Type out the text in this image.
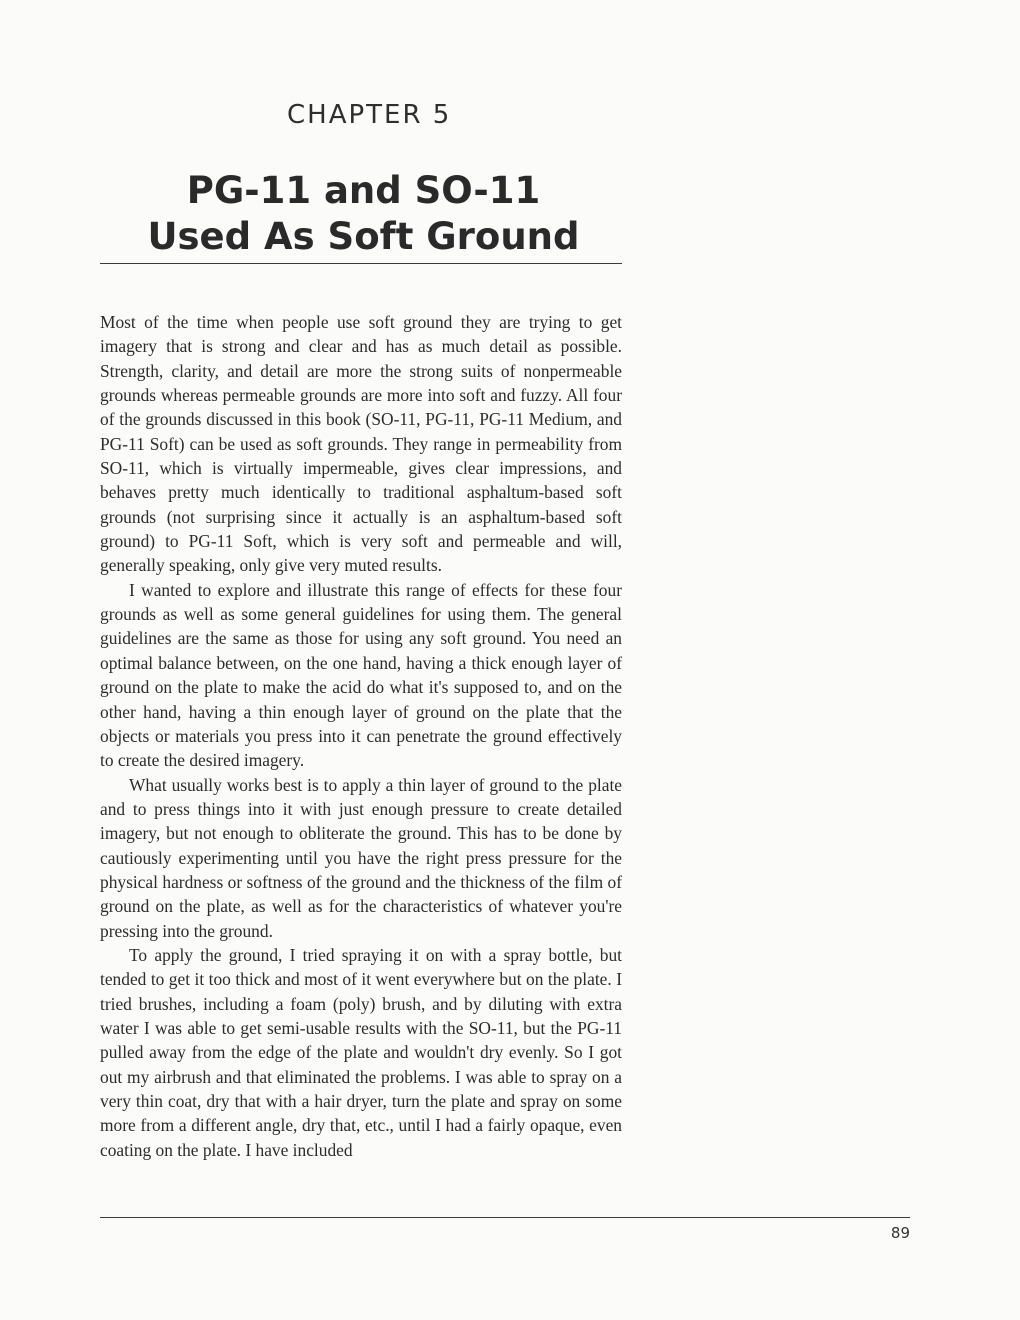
CHAPTER 5
PG-11 and SO-11
Used As Soft Ground

Most of the time when people use soft ground they are trying to get imagery that is strong and clear and has as much detail as possible. Strength, clarity, and detail are more the strong suits of nonpermeable grounds whereas permeable grounds are more into soft and fuzzy. All four of the grounds discussed in this book (SO-11, PG-11, PG-11 Medium, and PG-11 Soft) can be used as soft grounds. They range in permeability from SO-11, which is virtually impermeable, gives clear impressions, and behaves pretty much identically to traditional asphaltum-based soft grounds (not surprising since it actually is an asphaltum-based soft ground) to PG-11 Soft, which is very soft and permeable and will, generally speaking, only give very muted results.

I wanted to explore and illustrate this range of effects for these four grounds as well as some general guidelines for using them. The general guidelines are the same as those for using any soft ground. You need an optimal balance between, on the one hand, having a thick enough layer of ground on the plate to make the acid do what it's supposed to, and on the other hand, having a thin enough layer of ground on the plate that the objects or materials you press into it can penetrate the ground effectively to create the desired imagery.

What usually works best is to apply a thin layer of ground to the plate and to press things into it with just enough pressure to create detailed imagery, but not enough to obliterate the ground. This has to be done by cautiously experimenting until you have the right press pressure for the physical hardness or softness of the ground and the thickness of the film of ground on the plate, as well as for the characteristics of whatever you're pressing into the ground.

To apply the ground, I tried spraying it on with a spray bottle, but tended to get it too thick and most of it went everywhere but on the plate. I tried brushes, including a foam (poly) brush, and by diluting with extra water I was able to get semi-usable results with the SO-11, but the PG-11 pulled away from the edge of the plate and wouldn't dry evenly. So I got out my airbrush and that eliminated the problems. I was able to spray on a very thin coat, dry that with a hair dryer, turn the plate and spray on some more from a different angle, dry that, etc., until I had a fairly opaque, even coating on the plate. I have included

89
